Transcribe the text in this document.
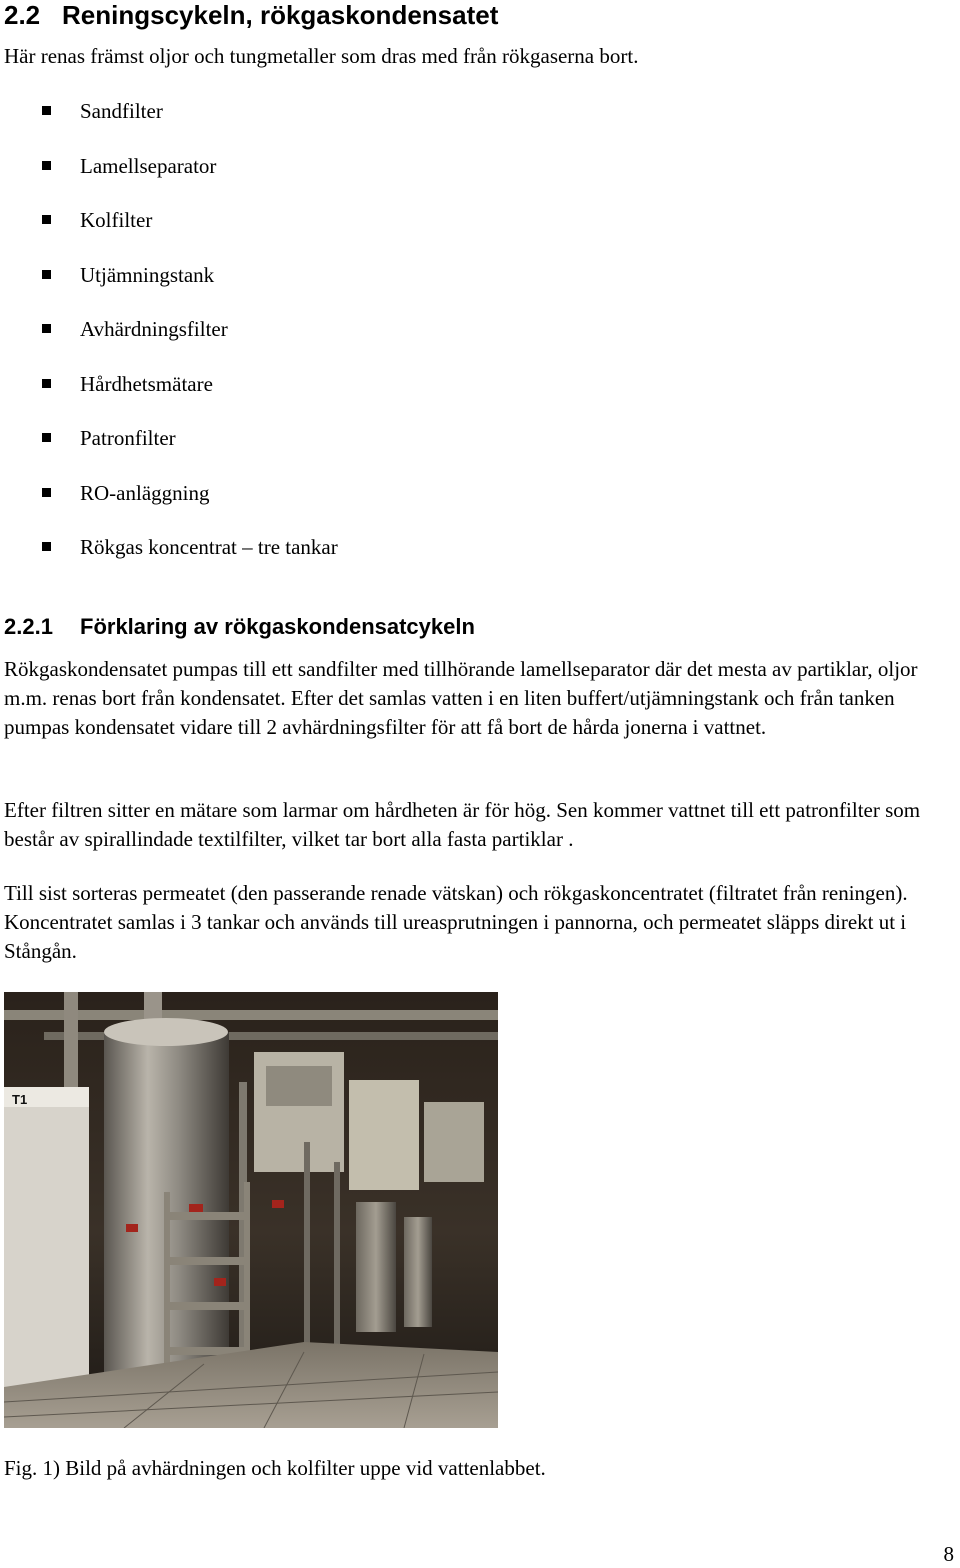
2.2 Reningscykeln, rökgaskondensatet

Här renas främst oljor och tungmetaller som dras med från rökgaserna bort.

Sandfilter
Lamellseparator
Kolfilter
Utjämningstank
Avhärdningsfilter
Hårdhetsmätare
Patronfilter
RO-anläggning
Rökgas koncentrat – tre tankar
2.2.1 Förklaring av rökgaskondensatcykeln

Rökgaskondensatet pumpas till ett sandfilter med tillhörande lamellseparator där det mesta av partiklar, oljor m.m. renas bort från kondensatet. Efter det samlas vatten i en liten buffert/utjämningstank och från tanken pumpas kondensatet vidare till 2 avhärdningsfilter för att få bort de hårda jonerna i vattnet.

Efter filtren sitter en mätare som larmar om hårdheten är för hög. Sen kommer vattnet till ett patronfilter som består av spirallindade textilfilter, vilket tar bort alla fasta partiklar .

Till sist sorteras permeatet (den passerande renade vätskan) och rökgaskoncentratet (filtratet från reningen). Koncentratet samlas i 3 tankar och används till ureasprutningen i pannorna, och permeatet släpps direkt ut i Stångån.

T1

Fig. 1) Bild på avhärdningen och kolfilter uppe vid vattenlabbet.

8
